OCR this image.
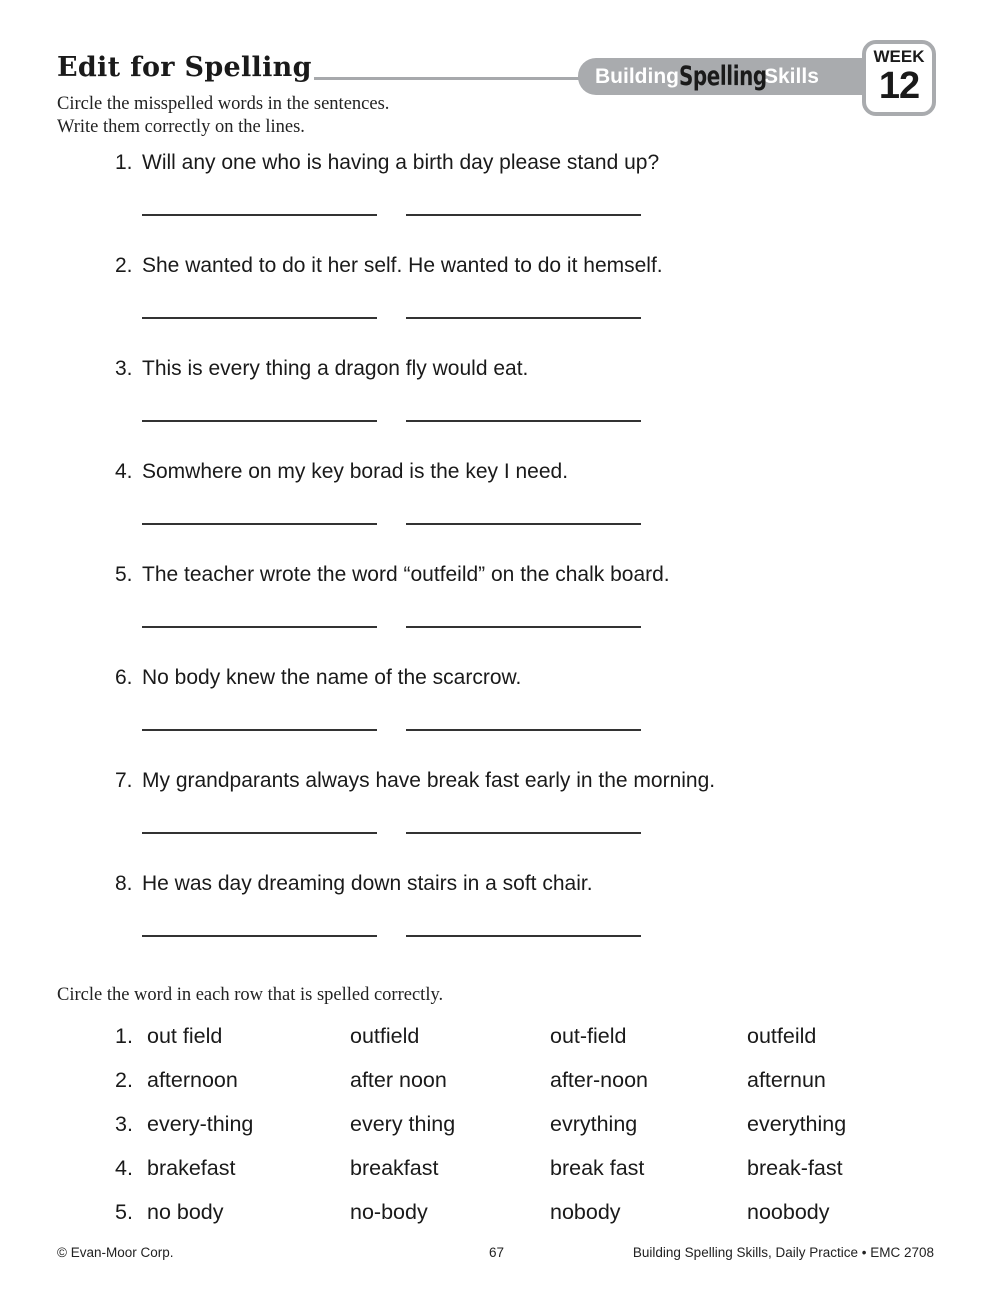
Edit for Spelling	Building Spelling
Skills
WEEK
12
Circle the misspelled words in the sentences.
Write them correctly on the lines.
1. Will any one who is having a birth day please stand up?
2. She wanted to do it her self. He wanted to do it hemself.
3. This is every thing a dragon fly would eat.
4. Somwhere on my key borad is the key I need.
5. The teacher wrote the word “outfeild” on the chalk board.
6. No body knew the name of the scarcrow.
7. My grandparants always have break fast early in the morning.
8. He was day dreaming down stairs in a soft chair.
Circle the word in each row that is spelled correctly.
1. out field	outfield	out-field	outfeild
2. afternoon	after noon	after-noon	afternun
3. every-thing	every thing	evrything	everything
4. brakefast	breakfast	break fast	break-fast
5. no body	no-body	nobody	noobody
© Evan-Moor Corp.	67	Building Spelling Skills, Daily Practice • EMC 2708
